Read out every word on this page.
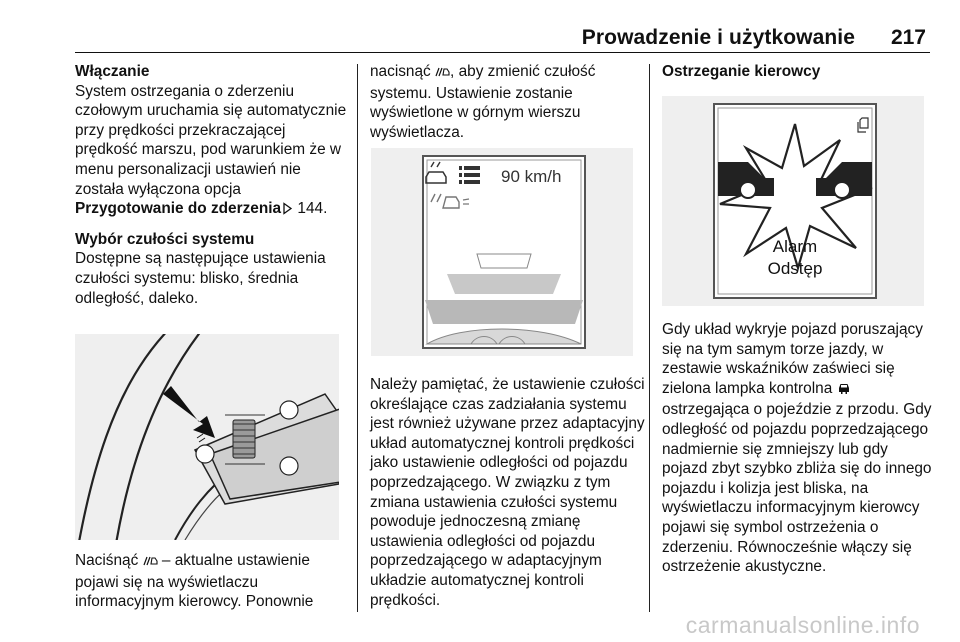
Prowadzenie i użytkowanie 217
Włączanie

System ostrzegania o zderzeniu czołowym uruchamia się automatycznie przy prędkości przekraczającej prędkość marszu, pod warunkiem że w menu personalizacji ustawień nie została wyłączona opcja Przygotowanie do zderzenia 144.

Wybór czułości systemu

Dostępne są następujące ustawienia czułości systemu: blisko, średnia odległość, daleko.

Naciśnąć  – aktualne ustawienie pojawi się na wyświetlaczu informacyjnym kierowcy. Ponownie

nacisnąć , aby zmienić czułość systemu. Ustawienie zostanie wyświetlone w górnym wierszu wyświetlacza.

90 km/h

Należy pamiętać, że ustawienie czułości określające czas zadziałania systemu jest również używane przez adaptacyjny układ automatycznej kontroli prędkości jako ustawienie odległości od pojazdu poprzedzającego. W związku z tym zmiana ustawienia czułości systemu powoduje jednoczesną zmianę ustawienia odległości od pojazdu poprzedzającego w adaptacyjnym układzie automatycznej kontroli prędkości.

Ostrzeganie kierowcy
Alarm
Odstęp

Gdy układ wykryje pojazd poruszający się na tym samym torze jazdy, w zestawie wskaźników zaświeci się zielona lampka kontrolna  ostrzegająca o pojeździe z przodu. Gdy odległość od pojazdu poprzedzającego nadmiernie się zmniejszy lub gdy pojazd zbyt szybko zbliża się do innego pojazdu i kolizja jest bliska, na wyświetlaczu informacyjnym kierowcy pojawi się symbol ostrzeżenia o zderzeniu. Równocześnie włączy się ostrzeżenie akustyczne.

carmanualsonline.info
